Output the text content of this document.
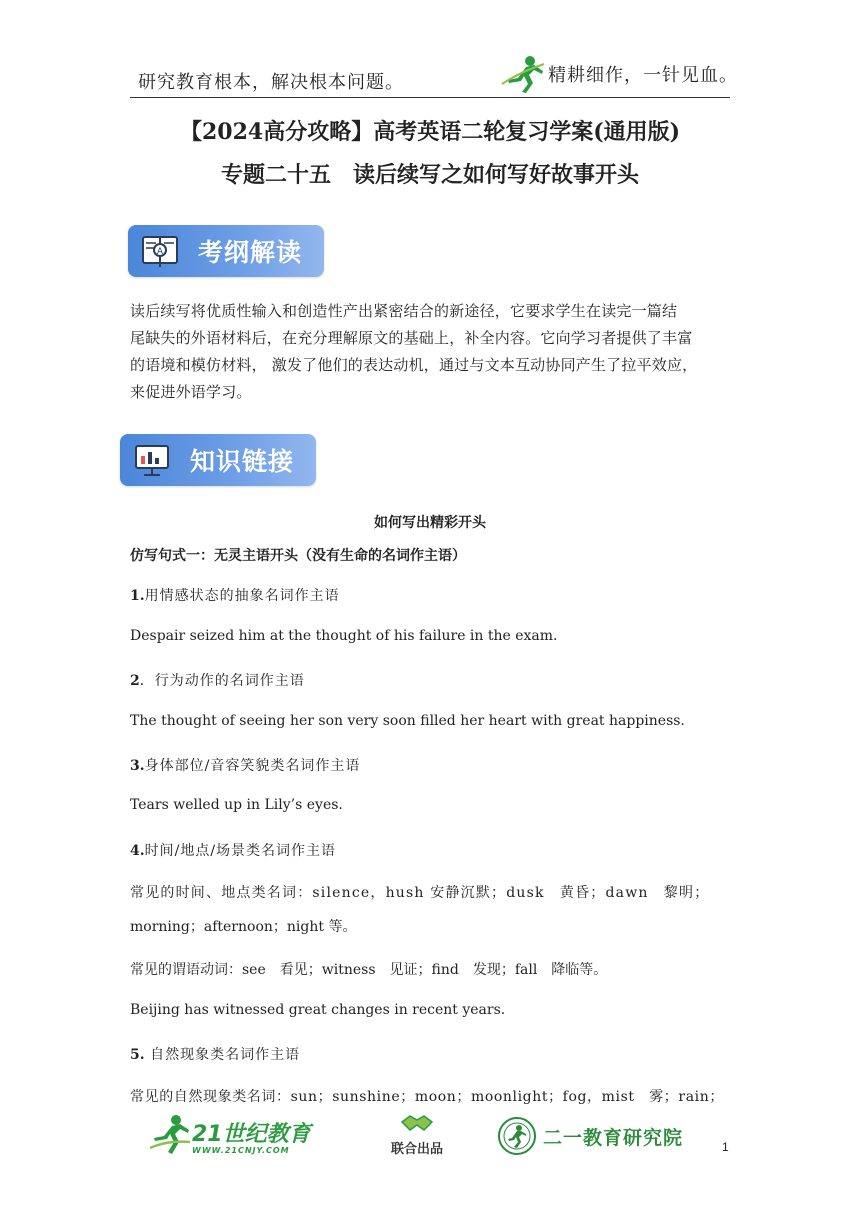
研究教育根本，解决根本问题。	精耕细作，一针见血。
【2024高分攻略】高考英语二轮复习学案(通用版)
专题二十五　读后续写之如何写好故事开头
A 考纲解读

读后续写将优质性输入和创造性产出紧密结合的新途径，它要求学生在读完一篇结

尾缺失的外语材料后，在充分理解原文的基础上，补全内容。它向学习者提供了丰富

的语境和模仿材料， 激发了他们的表达动机，通过与文本互动协同产生了拉平效应，

来促进外语学习。

知识链接
如何写出精彩开头
仿写句式一：无灵主语开头（没有生命的名词作主语）
1.用情感状态的抽象名词作主语
Despair seized him at the thought of his failure in the exam.
2．行为动作的名词作主语
The thought of seeing her son very soon filled her heart with great happiness.
3.身体部位/音容笑貌类名词作主语
Tears welled up in Lily’s eyes.
4.时间/地点/场景类名词作主语
常见的时间、地点类名词：silence，hush 安静沉默；dusk　黄昏；dawn　黎明；
morning；afternoon；night 等。
常见的谓语动词：see　看见；witness　见证；find　发现；fall　降临等。
Beijing has witnessed great changes in recent years.
5. 自然现象类名词作主语
常见的自然现象类名词：sun；sunshine；moon；moonlight；fog，mist　雾；rain；
21世纪教育
WWW.21CNJY.COM	联合出品
二一教育研究院	1
